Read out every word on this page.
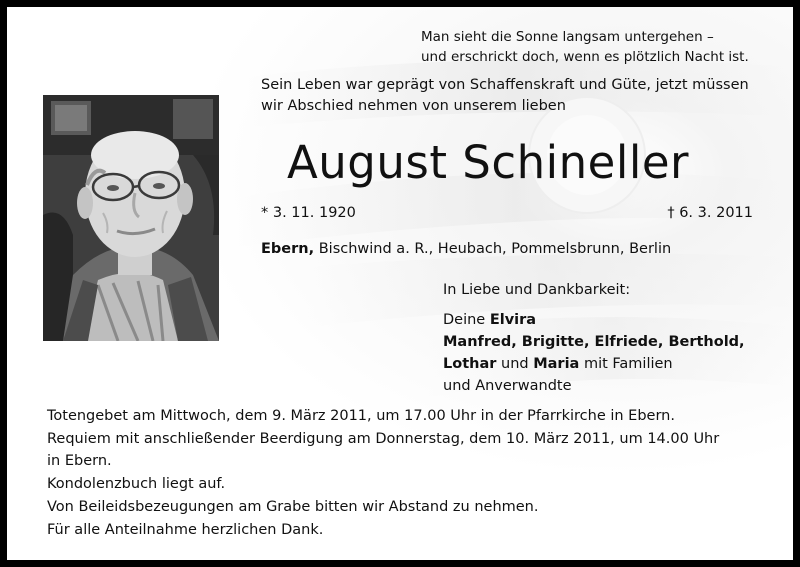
Man sieht die Sonne langsam untergehen –
und erschrickt doch, wenn es plötzlich Nacht ist.
Sein Leben war geprägt von Schaffenskraft und Güte, jetzt müssen
wir Abschied nehmen von unserem lieben
August Schineller
* 3. 11. 1920	† 6. 3. 2011
Ebern, Bischwind a. R., Heubach, Pommelsbrunn, Berlin
In Liebe und Dankbarkeit:
Deine Elvira
Manfred, Brigitte, Elfriede, Berthold,
Lothar und Maria mit Familien
und Anverwandte

Totengebet am Mittwoch, dem 9. März 2011, um 17.00 Uhr in der Pfarrkirche in Ebern.

Requiem mit anschließender Beerdigung am Donnerstag, dem 10. März 2011, um 14.00 Uhr

in Ebern.

Kondolenzbuch liegt auf.

Von Beileidsbezeugungen am Grabe bitten wir Abstand zu nehmen.

Für alle Anteilnahme herzlichen Dank.
